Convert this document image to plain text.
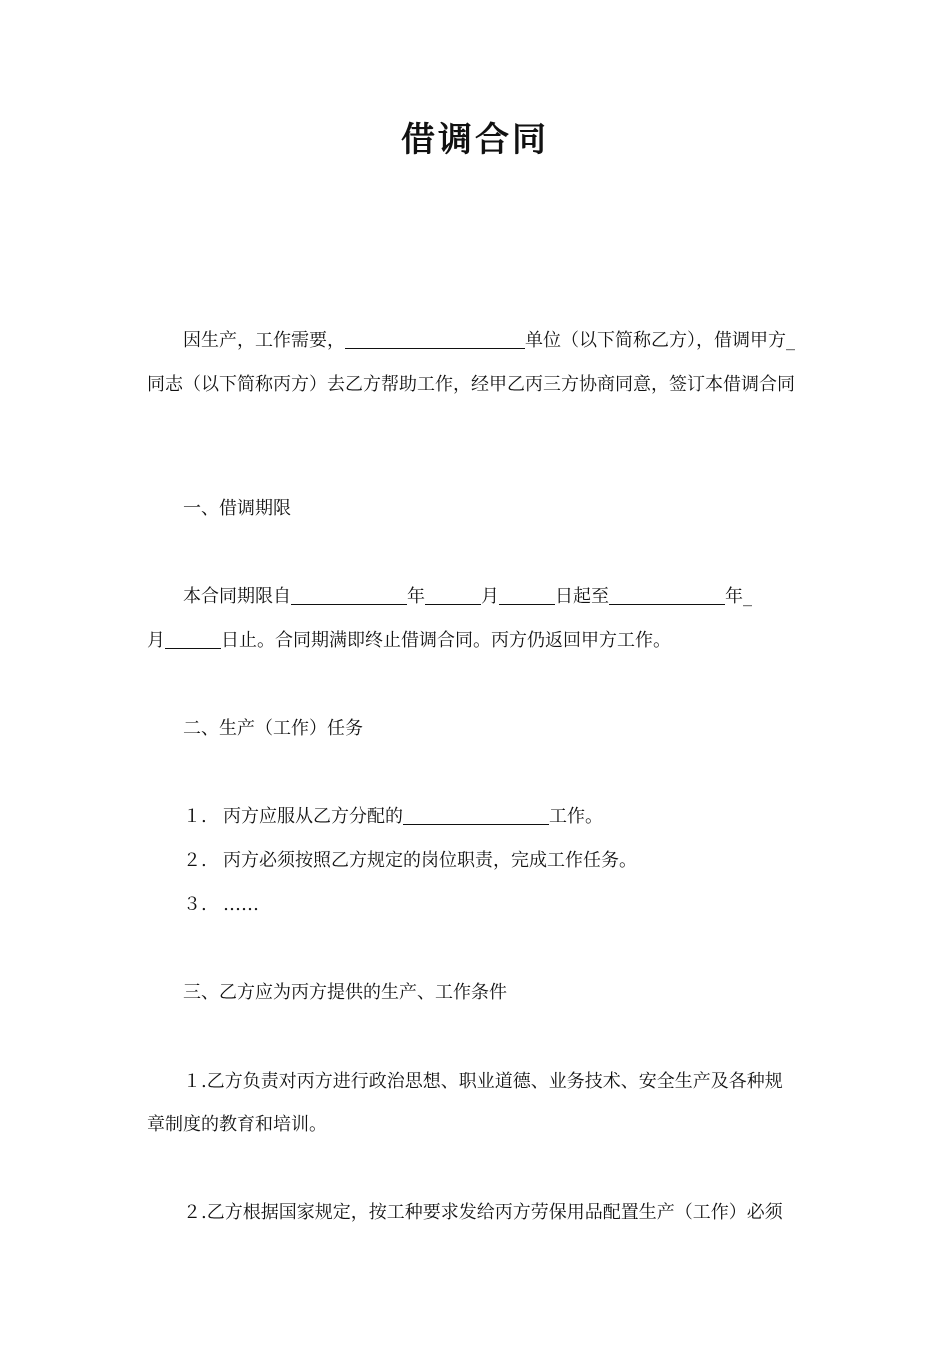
借调合同
因生产，工作需要，	单位（以下简称乙方），借调甲方_
同志（以下简称丙方）去乙方帮助工作，经甲乙丙三方协商同意，签订本借调合同
一、借调期限
本合同期限自	年	月	日起至	年_
月	日止。合同期满即终止借调合同。丙方仍返回甲方工作。
二、生产（工作）任务
１. 丙方应服从乙方分配的	工作。
２. 丙方必须按照乙方规定的岗位职责，完成工作任务。
３. ……
三、乙方应为丙方提供的生产、工作条件
１.乙方负责对丙方进行政治思想、职业道德、业务技术、安全生产及各种规
章制度的教育和培训。
２.乙方根据国家规定，按工种要求发给丙方劳保用品配置生产（工作）必须
